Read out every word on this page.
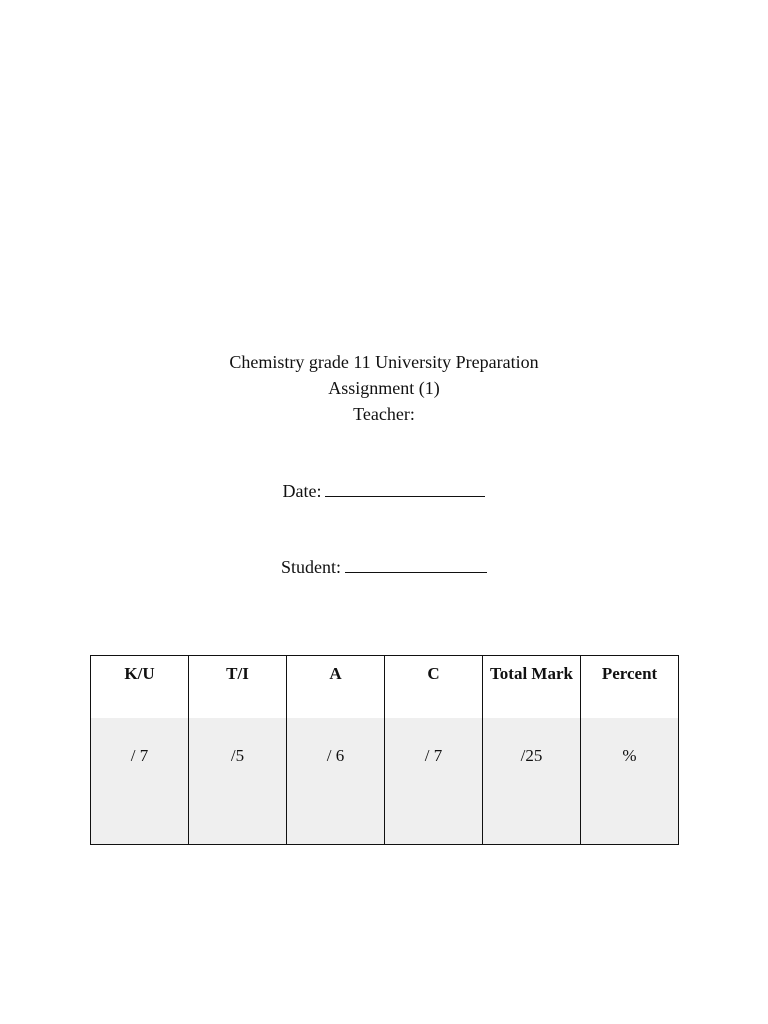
Chemistry grade 11 University Preparation
Assignment (1)
Teacher:
Date:
Student:
K/U	T/I	A	C	Total Mark	Percent
/ 7	/5	/ 6	/ 7	/25	%
